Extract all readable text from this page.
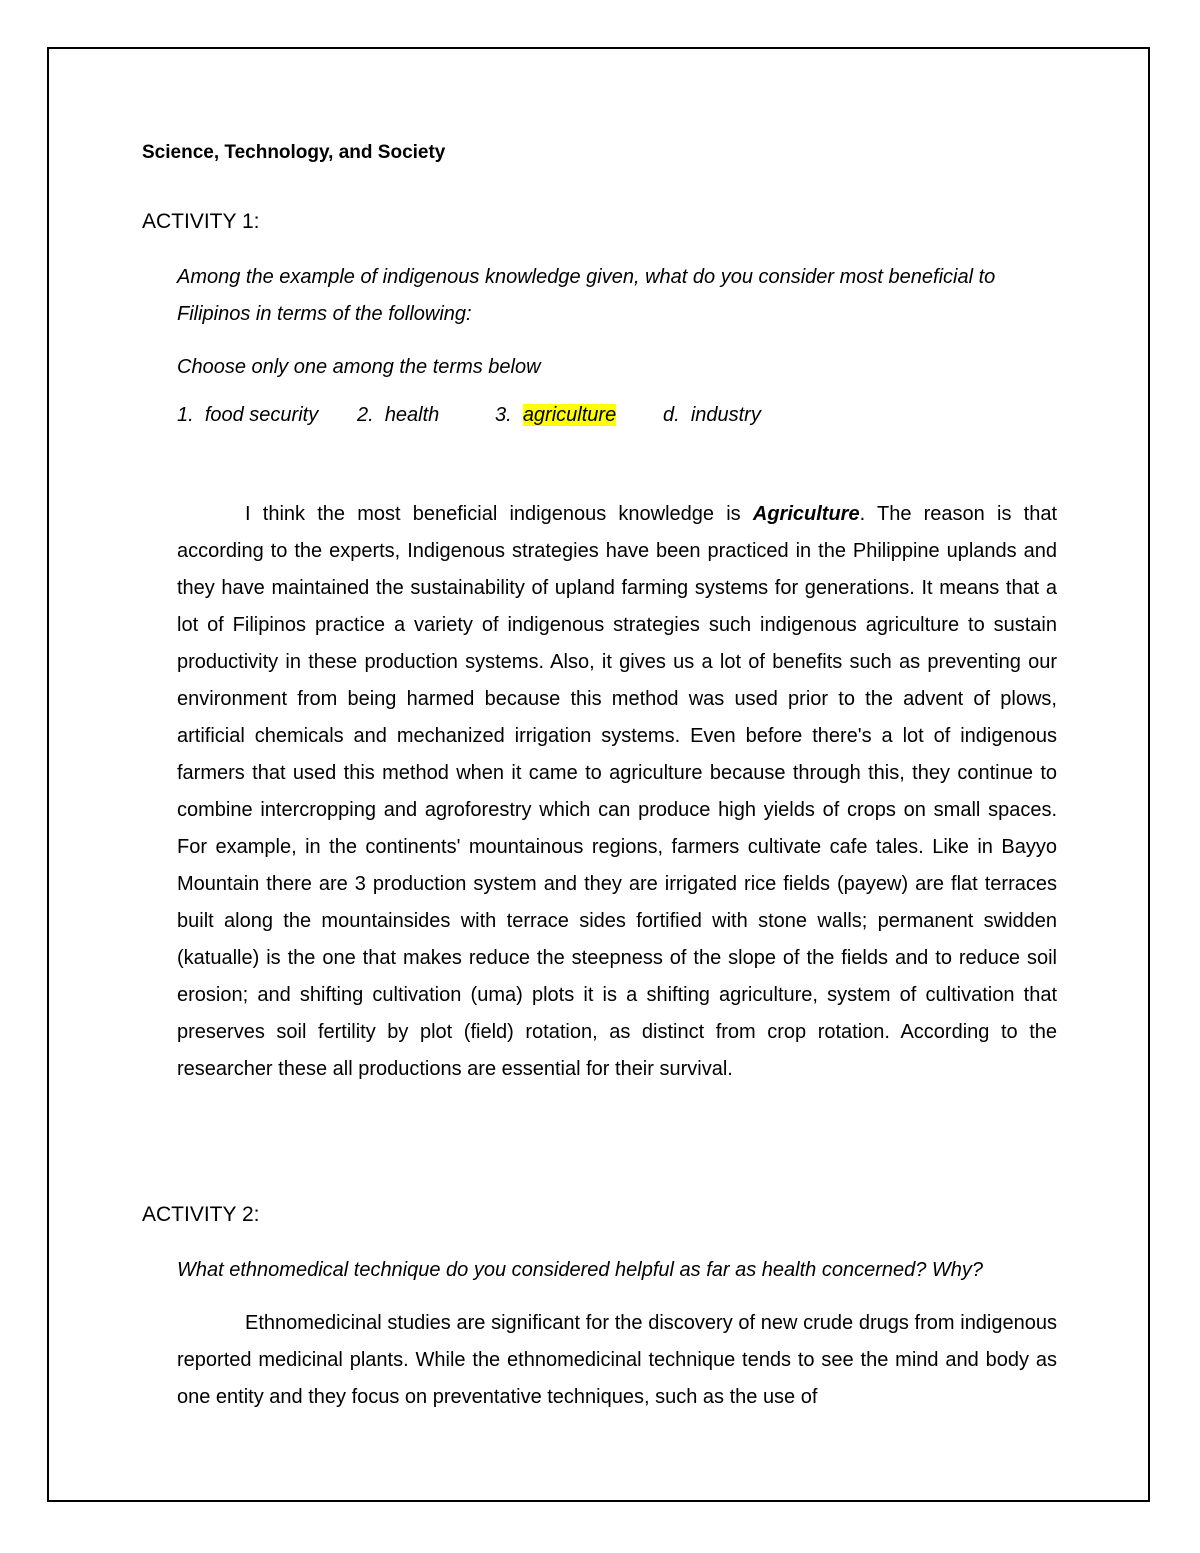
Science, Technology, and Society
ACTIVITY 1:
Among the example of indigenous knowledge given, what do you consider most beneficial to Filipinos in terms of the following:
Choose only one among the terms below
1. food security 2. health	3. agriculture d. industry
I think the most beneficial indigenous knowledge is Agriculture. The reason is that according to the experts, Indigenous strategies have been practiced in the Philippine uplands and they have maintained the sustainability of upland farming systems for generations. It means that a lot of Filipinos practice a variety of indigenous strategies such indigenous agriculture to sustain productivity in these production systems. Also, it gives us a lot of benefits such as preventing our environment from being harmed because this method was used prior to the advent of plows, artificial chemicals and mechanized irrigation systems. Even before there's a lot of indigenous farmers that used this method when it came to agriculture because through this, they continue to combine intercropping and agroforestry which can produce high yields of crops on small spaces. For example, in the continents' mountainous regions, farmers cultivate cafe tales. Like in Bayyo Mountain there are 3 production system and they are irrigated rice fields (payew) are flat terraces built along the mountainsides with terrace sides fortified with stone walls; permanent swidden (katualle) is the one that makes reduce the steepness of the slope of the fields and to reduce soil erosion; and shifting cultivation (uma) plots it is a shifting agriculture, system of cultivation that preserves soil fertility by plot (field) rotation, as distinct from crop rotation. According to the researcher these all productions are essential for their survival.
ACTIVITY 2:
What ethnomedical technique do you considered helpful as far as health concerned? Why?
Ethnomedicinal studies are significant for the discovery of new crude drugs from indigenous reported medicinal plants. While the ethnomedicinal technique tends to see the mind and body as one entity and they focus on preventative techniques, such as the use of
